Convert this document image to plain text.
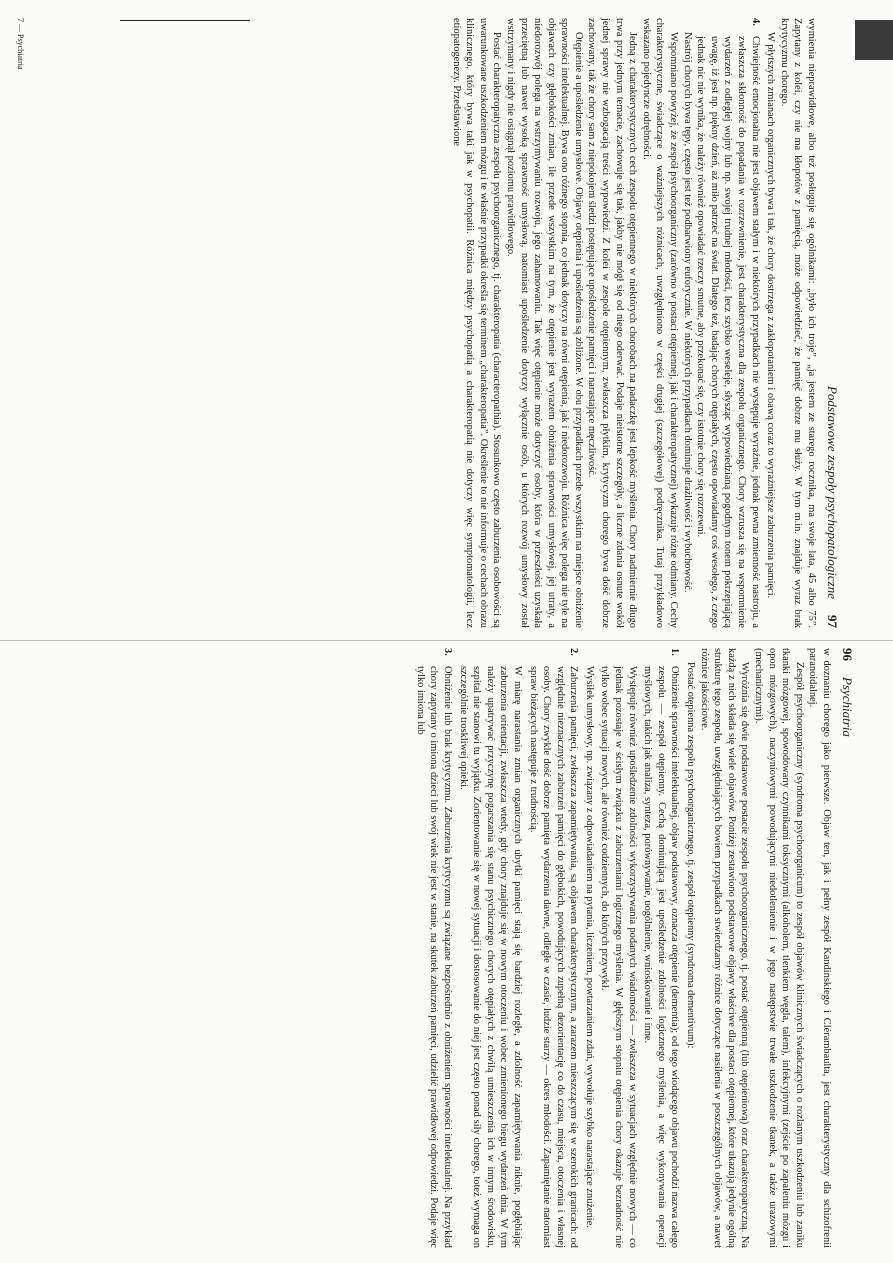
96
Psychiatria

w doznaniu chorego jako pierwsze. Objaw ten, jak i pełny zespół Kandinskiego i Clérambaulta, jest charakterystyczny dla schizofrenii paranoidalnej.

Zespół psychoorganiczny (syndroma psychoorganicum) to zespół objawów klinicznych świadczących o rozlanym uszkodzeniu lub zaniku tkanki mózgowej, spowodowany czynnikami toksycznymi (alkoholem, tlenkiem węgla, talem), infekcyjnymi (zejście po zapaleniu mózgu i opon mózgowych), naczyniowymi powodującymi niedotlenienie i w jego następstwie trwałe uszkodzenie tkanek, a także urazowymi (mechanicznymi).

Wyróżnia się dwie podstawowe postacie zespołu psychoorganicznego, tj. postać otępienną (lub otępieniową) oraz charakteropatyczną. Na każdą z nich składa się wiele objawów. Poniżej zestawiono podstawowe objawy właściwe dla postaci otępiennej, które ukazują jedynie ogólną strukturę tego zespołu, uwzględniających bowiem przypadkach stwierdzamy różnice dotyczące nasilenia w poszczególnych objawów, a nawet różnice jakościowe.

Postać otępienna zespołu psychoorganicznego, tj. zespół otępienny (syndroma dementivum):

1.
Obniżenie sprawności intelektualnej, objaw podstawowy, oznacza otępienie (dementia); od tego wiodącego objawu pochodzi nazwa całego zespołu — zespół otępienny. Cechą dominującą jest upośledzenie zdolności logicznego myślenia, a więc wykonywania operacji myślowych, takich jak analiza, synteza, porównywanie, uogólnienie, wnioskowanie i inne.
Występuje również upośledzenie zdolności wykorzystywania podanych wiadomości — zwłaszcza w sytuacjach względnie nowych — co jednak pozostaje w ścisłym związku z zaburzeniami logicznego myślenia. W głębszym stopniu otępienia chory okazuje bezradność nie tylko wobec sytuacji nowych, ale również codziennych, do których przywykł.
Wysiłek umysłowy, np. związany z odpowiadaniem na pytania, liczeniem, powtarzaniem zdań, wywołuje szybko narastające znużenie.
2.
Zaburzenia pamięci, zwłaszcza zapamiętywania, są objawem charakterystycznym, a zarazem mieszczącym się w szerokich granicach: od względnie nieznacznych zaburzeń pamięci do głębokich, powodujących zupełną dezorientację co do czasu, miejsca, otoczenia i własnej osoby. Chory zwykle dość dobrze pamięta wydarzenia dawne, odległe w czasie, ludzie starzy — okres młodości. Zapamiętanie natomiast spraw bieżących następuje z trudnością.
W miarę narastania zmian organicznych ubytki pamięci stają się bardziej rozległe, a zdolność zapamiętywania niknie, pogłębiając zaburzenia orientacji, zwłaszcza wtedy, gdy chory znajduje się w nowym otoczeniu i wobec zmienionego biegu wydarzeń dnia. W tym należy upatrywać przyczynę pogarszania się stanu psychicznego chorych otępiałych z chwilą umieszczenia ich w innym środowisku, szpital nie stanowi tu wyjątku. Zorientowanie się w nowej sytuacji i dostosowanie do niej jest często ponad siły chorego, toteż wymaga on szczególnie troskliwej opieki.
3.
Obniżenie lub brak krytycyzmu. Zaburzenia krytycyzmu są związane bezpośrednio z obniżeniem sprawności intelektualnej. Na przykład chory zapytany o imiona dzieci lub swój wiek nie jest w stanie, na skutek zaburzeń pamięci, udzielić prawidłowej odpowiedzi. Podaje więc tylko imiona lub
Podstawowe zespoły psychopatologiczne
97

wymienia nieprawidłowe, albo też posługuje się ogólnikami: „było ich troje”, „ja jestem ze starego rocznika, ma swoje lata, 45 albo 75”. Zapytany z kolei, czy nie ma kłopotów z pamięcią, może odpowiedzieć, że pamięć dobrze mu służy. W tym m.in. znajduje wyraz brak krytycyzmu chorego.

W płytszych zmianach organicznych bywa i tak, że chory dostrzega z zakłopotaniem i obawą coraz to wyraźniejsze zaburzenia pamięci.

4.
Chwiejność emocjonalna nie jest objawem stałym i w niektórych przypadkach nie występuje wyraźnie, jednak pewna zmienność nastroju, a zwłaszcza skłonność do popadania w rozrzewnienie, jest charakterystyczna dla zespołu organicznego. Chory wzrusza się na wspomnienie wydarzeń z odległej wojny lub np. swojej trudnej młodości, lecz szybko weseleje, słysząc wypowiedzianą pogodnym tonem pokrzepiającą uwagę, iż jest np. piękny dzień, aż miło patrzeć na świat. Dlatego też, badając chorych otępiałych, często opowiadamy coś wesołego, z czego jednak nic nie wynika, że należy również opowiadać rzeczy smutne, aby przekonać się, czy istotnie chory się rozrzewni.

Nastrój chorych bywa tępy, często jest też podbarwiony euforycznie. W niektórych przypadkach dominuje drażliwość i wybuchowość.

Wspomniano powyżej, że zespół psychoorganiczny (zarówno w postaci otępiennej, jak i charakteropatycznej) wykazuje różne odmiany. Cechy charakterystyczne, świadczące o ważniejszych różnicach, uwzględniono w części drugiej (szczegółowej) podręcznika. Tutaj przykładowo wskazano pojedyncze odrębności.

Jedną z charakterystycznych cech zespołu otępiennego w niektórych chorobach na padaczkę jest lepkość myślenia. Chory nadmiernie długo trwa przy jednym temacie, zachowuje się tak, jakby nie mógł się od niego oderwać. Podaje nieistotne szczegóły, a liczne zdania osnute wokół jednej sprawy nie wzbogacają treści wypowiedzi. Z kolei w zespole otępiennym, zwłaszcza płytkim, krytycyzm chorego bywa dość dobrze zachowany, tak że chory sam z niepokojem śledzi postępujące upośledzenie pamięci i narastające męczliwość.

Otępienie a upośledzenie umysłowe. Objawy otępienia i upośledzenia są zbliżone. W obu przypadkach przede wszystkim na miejsce obniżenie sprawności intelektualnej. Bywa ono różnego stopnia, co jednak dotyczy na równi otępienia, jak i niedorozwoju. Różnica więc polega nie tyle na objawach czy głębokości zmian, ile przede wszystkim na tym, że otępienie jest wyrazem obniżenia sprawności umysłowej, jej utraty, a niedorozwój polega na wstrzymywaniu rozwoju, jego zahamowaniu. Tak więc otępienie może dotyczyć osoby, która w przeszłości uzyskała przeciętną lub nawet wysoką sprawność umysłową, natomiast upośledzenie dotyczy wyłącznie osób, u których rozwój umysłowy został wstrzymany i nigdy nie osiągnął poziomu prawidłowego.

Postać charakteropatyczna zespołu psychoorganicznego, tj. charakteropatia (characteropathia). Stosunkowo często zaburzenia osobowości są uwarunkowane uszkodzeniem mózgu i te właśnie przypadki określa się terminem „charakteropatia”. Określenie to nie informuje o cechach obrazu klinicznego, który bywa taki jak w psychopatii. Różnica między psychopatią a charakteropatią nie dotyczy więc symptomatologii, lecz etiopatogenezy. Przedstawione

7 — Psychiatria
